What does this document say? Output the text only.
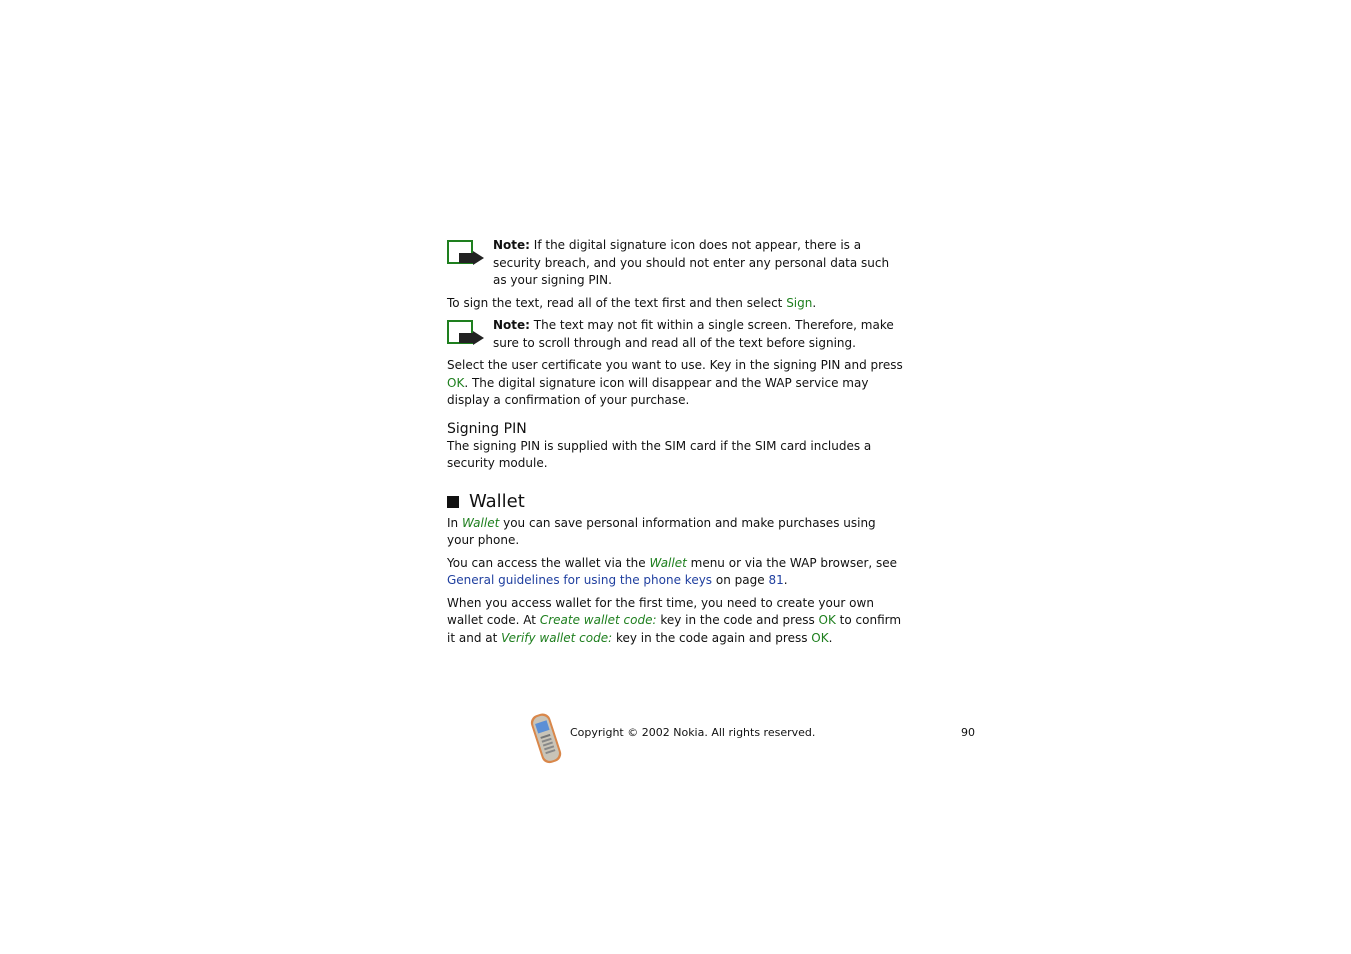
Note: If the digital signature icon does not appear, there is a security breach, and you should not enter any personal data such as your signing PIN.

To sign the text, read all of the text first and then select Sign.

Note: The text may not fit within a single screen. Therefore, make sure to scroll through and read all of the text before signing.

Select the user certificate you want to use. Key in the signing PIN and press OK. The digital signature icon will disappear and the WAP service may display a confirmation of your purchase.

Signing PIN

The signing PIN is supplied with the SIM card if the SIM card includes a security module.

Wallet

In Wallet you can save personal information and make purchases using your phone.

You can access the wallet via the Wallet menu or via the WAP browser, see General guidelines for using the phone keys on page 81.

When you access wallet for the first time, you need to create your own wallet code. At Create wallet code: key in the code and press OK to confirm it and at Verify wallet code: key in the code again and press OK.

Copyright © 2002 Nokia. All rights reserved.	90
